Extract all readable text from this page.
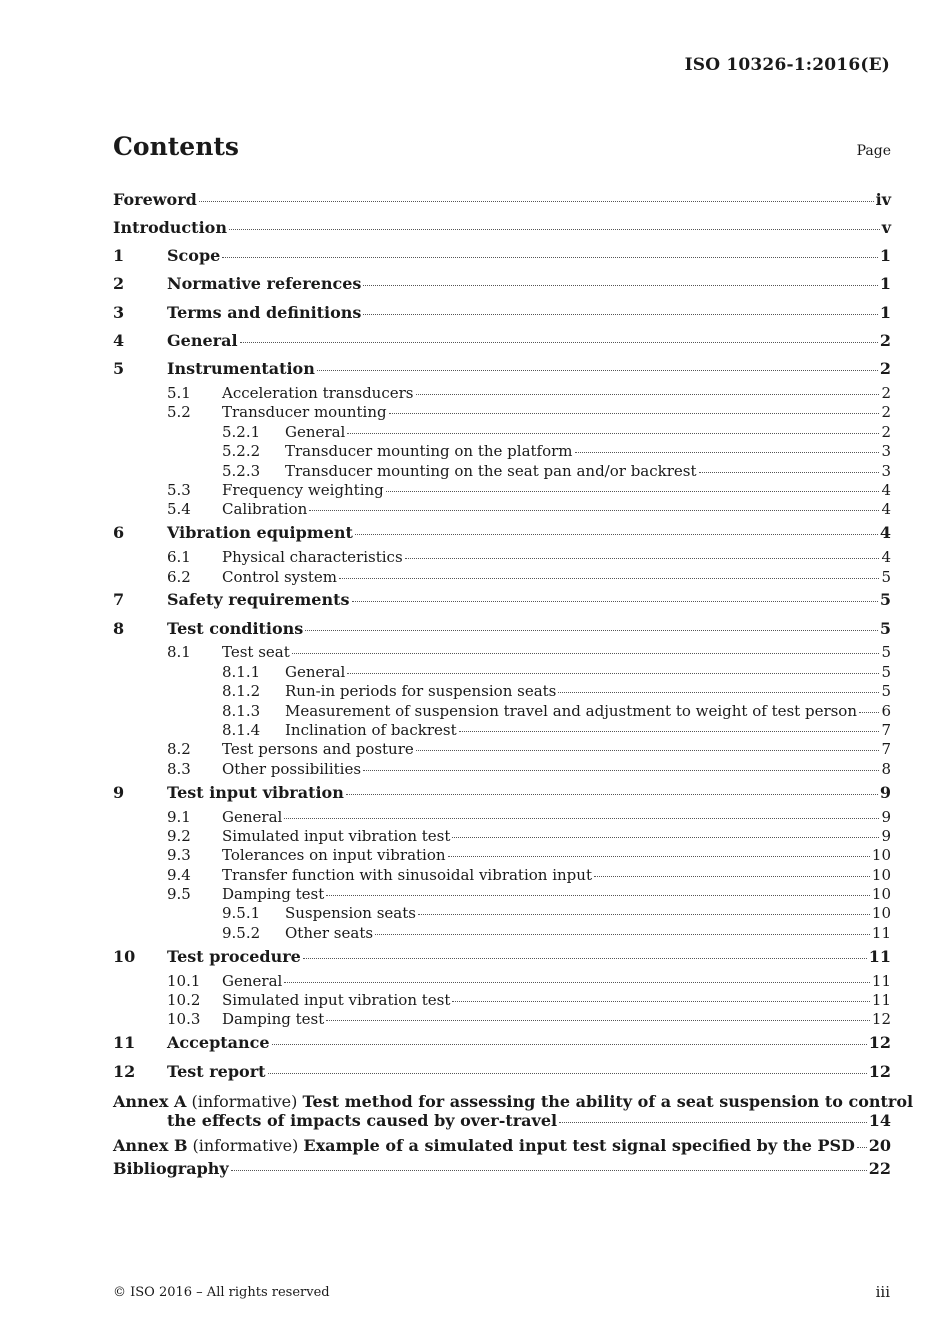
ISO 10326-1:2016(E)
Contents	Page
Foreword	iv
Introduction	v
1	Scope	1
2	Normative references	1
3	Terms and definitions	1
4	General	2
5	Instrumentation	2
5.1	Acceleration transducers	2
5.2	Transducer mounting	2
5.2.1	General	2
5.2.2	Transducer mounting on the platform	3
5.2.3	Transducer mounting on the seat pan and/or backrest	3
5.3	Frequency weighting	4
5.4	Calibration	4
6	Vibration equipment	4
6.1	Physical characteristics	4
6.2	Control system	5
7	Safety requirements	5
8	Test conditions	5
8.1	Test seat	5
8.1.1	General	5
8.1.2	Run-in periods for suspension seats	5
8.1.3	Measurement of suspension travel and adjustment to weight of test person 6
8.1.4	Inclination of backrest	7
8.2	Test persons and posture	7
8.3	Other possibilities	8
9	Test input vibration	9
9.1	General	9
9.2	Simulated input vibration test	9
9.3	Tolerances on input vibration	10
9.4	Transfer function with sinusoidal vibration input	10
9.5	Damping test	10
9.5.1	Suspension seats	10
9.5.2	Other seats	11
10	Test procedure	11
10.1	General	11
10.2	Simulated input vibration test	11
10.3	Damping test	12
11	Acceptance	12
12	Test report	12
Annex A (informative) Test method for assessing the ability of a seat suspension to control
the effects of impacts caused by over-travel	14
Annex B (informative) Example of a simulated input test signal specified by the PSD 20
Bibliography	22
© ISO 2016 – All rights reserved	iii
